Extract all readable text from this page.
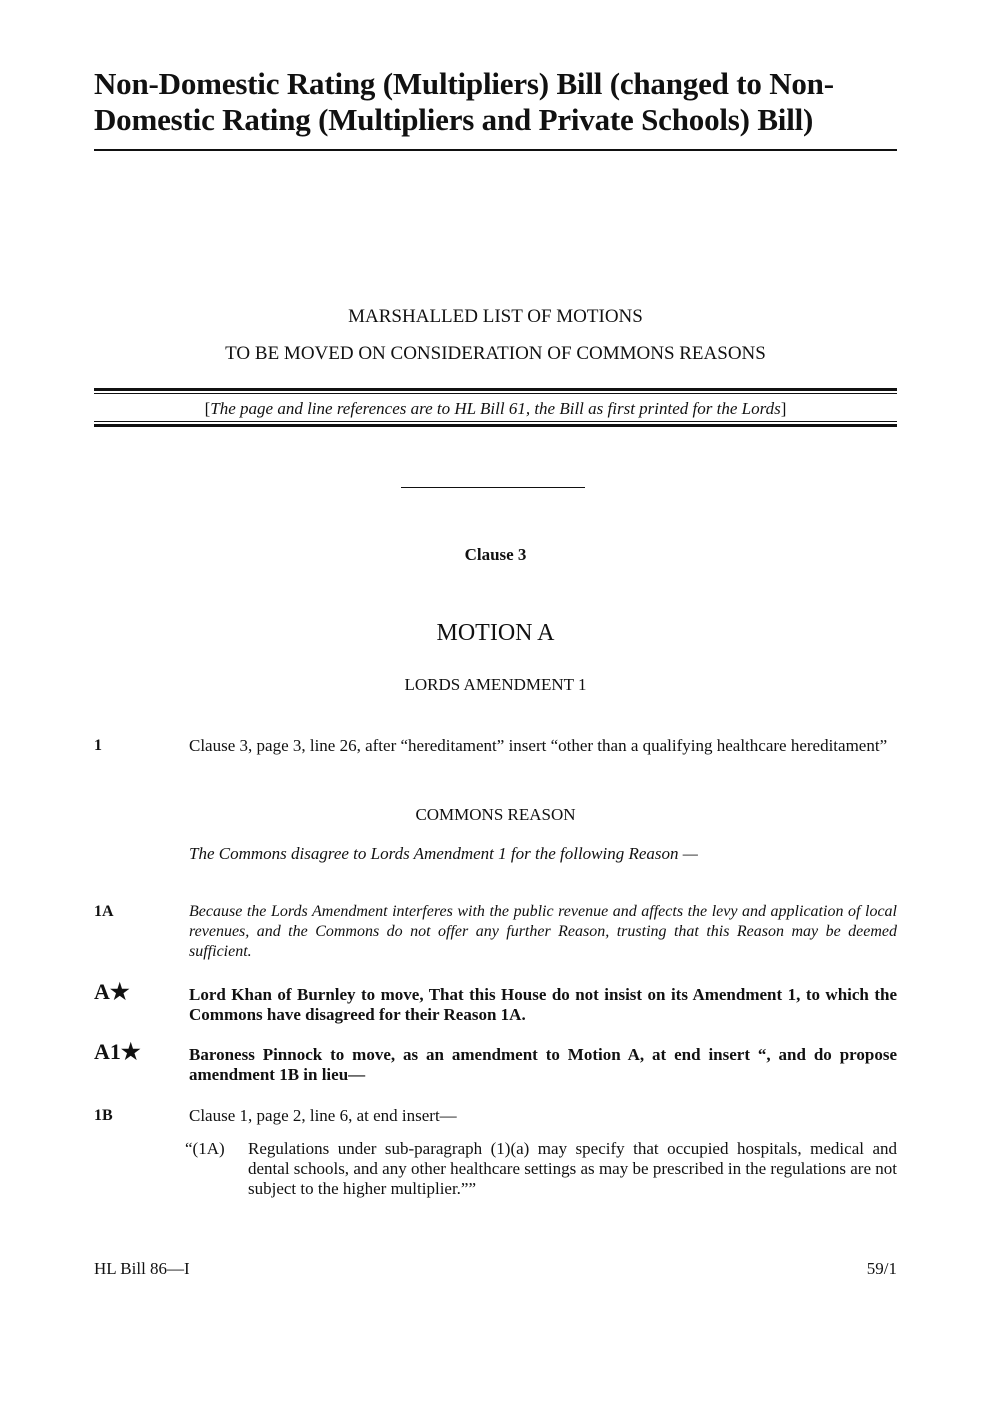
Non-Domestic Rating (Multipliers) Bill (changed to Non-Domestic Rating (Multipliers and Private Schools) Bill)
MARSHALLED LIST OF MOTIONS
TO BE MOVED ON CONSIDERATION OF COMMONS REASONS
[The page and line references are to HL Bill 61, the Bill as first printed for the Lords]
Clause 3
MOTION A
LORDS AMENDMENT 1
1	Clause 3, page 3, line 26, after “hereditament” insert “other than a qualifying healthcare hereditament”
COMMONS REASON
The Commons disagree to Lords Amendment 1 for the following Reason —
1A	Because the Lords Amendment interferes with the public revenue and affects the levy and application of local revenues, and the Commons do not offer any further Reason, trusting that this Reason may be deemed sufficient.
A★	Lord Khan of Burnley to move, That this House do not insist on its Amendment 1, to which the Commons have disagreed for their Reason 1A.
A1★	Baroness Pinnock to move, as an amendment to Motion A, at end insert “, and do propose amendment 1B in lieu—
1B	Clause 1, page 2, line 6, at end insert—
“(1A) Regulations under sub-paragraph (1)(a) may specify that occupied hospitals, medical and dental schools, and any other healthcare settings as may be prescribed in the regulations are not subject to the higher multiplier.””
HL Bill 86—I	59/1
